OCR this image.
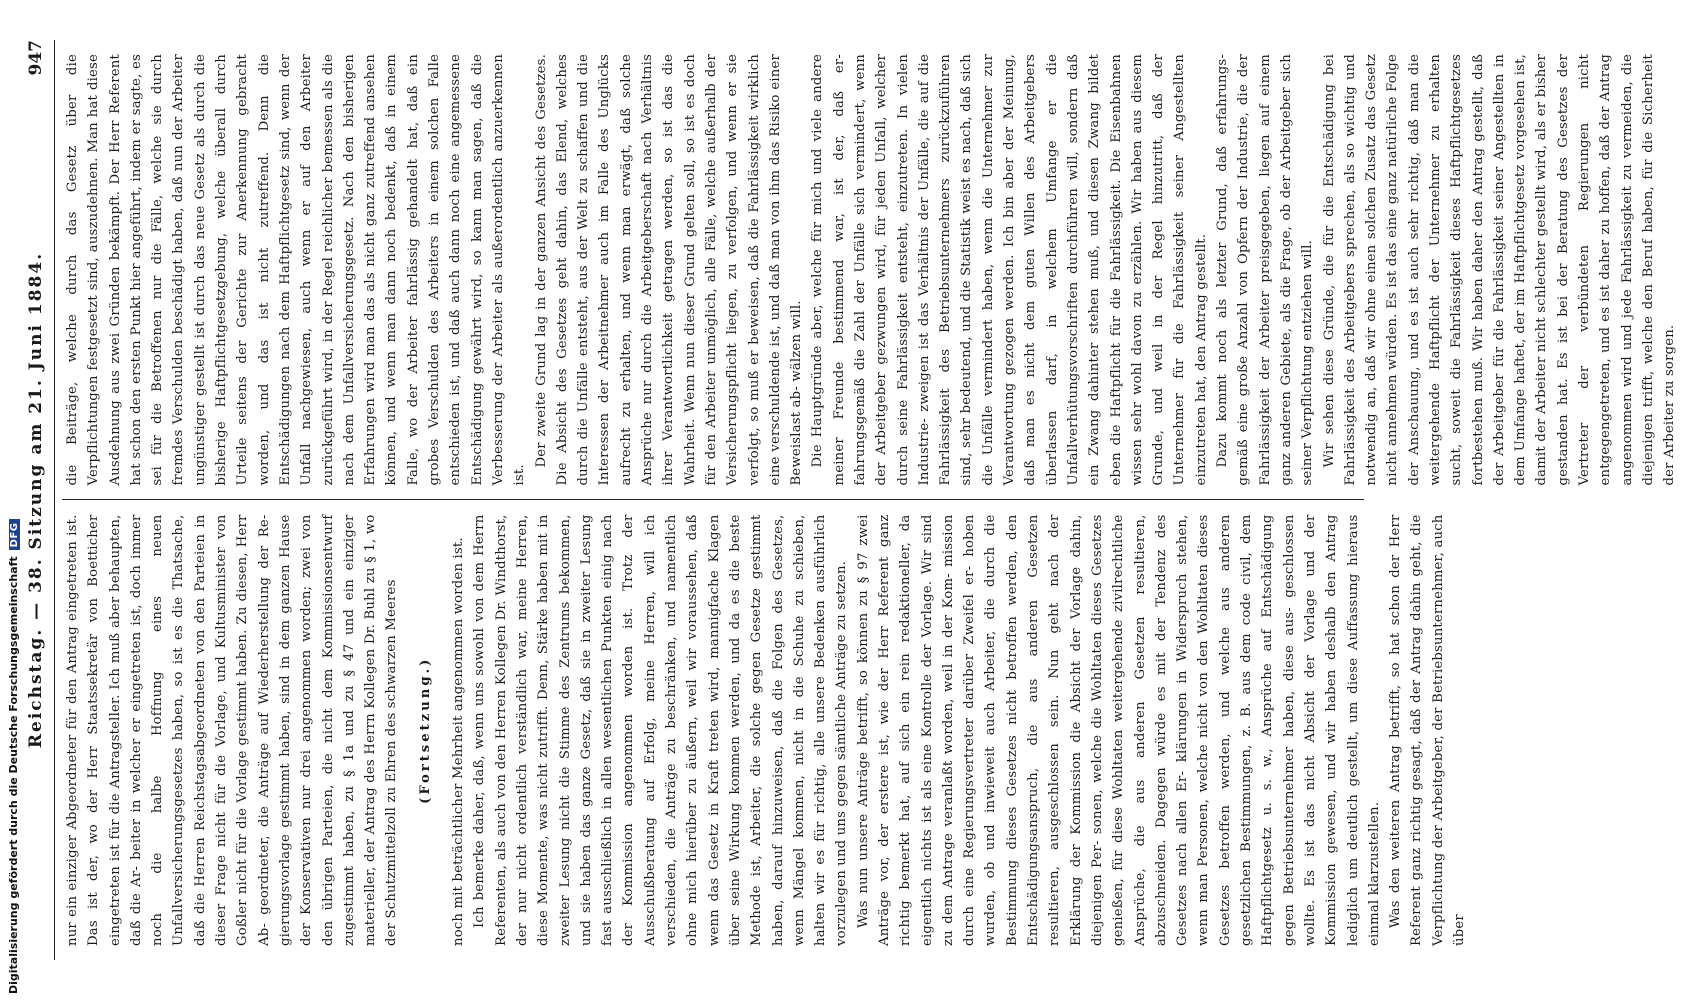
Reichstag. — 38. Sitzung am 21. Juni 1884.
947

nur ein einziger Abgeordneter für den Antrag eingetreten ist. Das ist der, wo der Herr Staatssekretär von Boetticher eingetreten ist für die Antragsteller. Ich muß aber behaupten, daß die Ar- beiter in welcher er eingetreten ist, doch immer noch die halbe Hoffnung eines neuen Unfallversicherungsgesetzes haben, so ist es die Thatsache, daß die Herren Reichstagsabgeordneten von den Parteien in dieser Frage nicht für die Vorlage, und Kultusminister von Goßler nicht für die Vorlage gestimmt haben. Zu diesen, Herr Ab- geordneter, die Anträge auf Wiederherstellung der Re- gierungsvorlage gestimmt haben, sind in dem ganzen Hause der Konservativen nur drei angenommen worden; zwei von den übrigen Parteien, die nicht dem Kommissionsentwurf zugestimmt haben, zu § 1a und zu § 47 und ein einziger materieller, der Antrag des Herrn Kollegen Dr. Buhl zu § 1, wo der Schutzmittelzoll zu Ehren des schwarzen Meeres (Fortsetzung.) noch mit beträchtlicher Mehrheit angenommen worden ist. Ich bemerke daher, daß, wenn uns sowohl von dem Herrn Referenten, als auch von den Herren Kollegen Dr. Windthorst, der nur nicht ordentlich verständlich war, meine Herren, diese Momente, was nicht zutrifft. Denn, Stärke haben mit in zweiter Lesung nicht die Stimme des Zentrums bekommen, und sie haben das ganze Gesetz, daß sie in zweiter Lesung fast ausschließlich in allen wesentlichen Punkten einig nach der Kommission angenommen worden ist. Trotz der Ausschußberatung auf Erfolg, meine Herren, will ich verschieden, die Anträge zu beschränken, und namentlich ohne mich hierüber zu äußern, weil wir voraussehen, daß wenn das Gesetz in Kraft treten wird, mannigfache Klagen über seine Wirkung kommen werden, und da es die beste Methode ist, Arbeiter, die solche gegen Gesetze gestimmt haben, darauf hinzuweisen, daß die Folgen des Gesetzes, wenn Mängel kommen, nicht in die Schuhe zu schieben, halten wir es für richtig, alle unsere Bedenken ausführlich vorzulegen und uns gegen sämtliche Anträge zu setzen. Was nun unsere Anträge betrifft, so können zu § 97 zwei Anträge vor, der erstere ist, wie der Herr Referent ganz richtig bemerkt hat, auf sich ein rein redaktioneller, da eigentlich nichts ist als eine Kontrolle der Vorlage. Wir sind zu dem Antrage veranlaßt worden, weil in der Kom- mission durch eine Regierungsvertreter darüber Zweifel er- hoben wurden, ob und inwieweit auch Arbeiter, die durch die Bestimmung dieses Gesetzes nicht betroffen werden, den Entschädigungsanspruch, die aus anderen Gesetzen resultieren, ausgeschlossen sein. Nun geht nach der Erklärung der Kommission die Absicht der Vorlage dahin, diejenigen Per- sonen, welche die Wohltaten dieses Gesetzes genießen, für diese Wohltaten weitergehende zivilrechtliche Ansprüche, die aus anderen Gesetzen resultieren, abzuschneiden. Dagegen würde es mit der Tendenz des Gesetzes nach allen Er- klärungen in Widerspruch stehen, wenn man Personen, welche nicht von den Wohltaten dieses Gesetzes betroffen werden, und welche aus anderen gesetzlichen Bestimmungen, z. B. aus dem code civil, dem Haftpflichtgesetz u. s. w., Ansprüche auf Entschädigung gegen Betriebsunternehmer haben, diese aus- geschlossen wollte. Es ist das nicht Absicht der Vorlage und der Kommission gewesen, und wir haben deshalb den Antrag lediglich um deutlich gestellt, um diese Auffassung hieraus einmal klarzustellen. Was den weiteren Antrag betrifft, so hat schon der Herr Referent ganz richtig gesagt, daß der Antrag dahin geht, die Verpflichtung der Arbeitgeber, der Betriebsunternehmer, auch über

die Beiträge, welche durch das Gesetz über die Verpflichtungen festgesetzt sind, auszudehnen. Man hat diese Ausdehnung aus zwei Gründen bekämpft. Der Herr Referent hat schon den ersten Punkt hier angeführt, indem er sagte, es sei für die Betroffenen nur die Fälle, welche sie durch fremdes Verschulden beschädigt haben, daß nun der Arbeiter ungünstiger gestellt ist durch das neue Gesetz als durch die bisherige Haftpflichtgesetzgebung, welche überall durch Urteile seitens der Gerichte zur Anerkennung gebracht worden, und das ist nicht zutreffend. Denn die Entschädigungen nach dem Haftpflichtgesetz sind, wenn der Unfall nachgewiesen, auch wenn er auf den Arbeiter zurückgeführt wird, in der Regel reichlicher bemessen als die nach dem Unfallversicherungsgesetz. Nach den bisherigen Erfahrungen wird man das als nicht ganz zutreffend ansehen können, und wenn man dann noch bedenkt, daß in einem Falle, wo der Arbeiter fahrlässig gehandelt hat, daß ein grobes Verschulden des Arbeiters in einem solchen Falle entschieden ist, und daß auch dann noch eine angemessene Entschädigung gewährt wird, so kann man sagen, daß die Verbesserung der Arbeiter als außerordentlich anzuerkennen ist.

Der zweite Grund lag in der ganzen Ansicht des Gesetzes. Die Absicht des Gesetzes geht dahin, das Elend, welches durch die Unfälle entsteht, aus der Welt zu schaffen und die Interessen der Arbeitnehmer auch im Falle des Unglücks aufrecht zu erhalten, und wenn man erwägt, daß solche Ansprüche nur durch die Arbeitgeberschaft nach Verhältnis ihrer Verantwortlichkeit getragen werden, so ist das die Wahrheit. Wenn nun dieser Grund gelten soll, so ist es doch für den Arbeiter unmöglich, alle Fälle, welche außerhalb der Versicherungspflicht liegen, zu verfolgen, und wenn er sie verfolgt, so muß er beweisen, daß die Fahrlässigkeit wirklich eine verschuldende ist, und daß man von ihm das Risiko einer Beweislast ab- wälzen will. Die Hauptgründe aber, welche für mich und viele andere meiner Freunde bestimmend war, ist der, daß er- fahrungsgemäß die Zahl der Unfälle sich vermindert, wenn der Arbeitgeber gezwungen wird, für jeden Unfall, welcher durch seine Fahrlässigkeit entsteht, einzutreten. In vielen Industrie- zweigen ist das Verhältnis der Unfälle, die auf die Fahrlässigkeit des Betriebsunternehmers zurückzuführen sind, sehr bedeutend, und die Statistik weist es nach, daß sich die Unfälle vermindert haben, wenn die Unternehmer zur Verantwortung gezogen werden. Ich bin aber der Meinung, daß man es nicht dem guten Willen des Arbeitgebers überlassen darf, in welchem Umfange er die Unfallverhütungsvorschriften durchführen will, sondern daß ein Zwang dahinter stehen muß, und diesen Zwang bildet eben die Haftpflicht für die Fahrlässigkeit. Die Eisenbahnen wissen sehr wohl davon zu erzählen. Wir haben aus diesem Grunde, und weil in der Regel hinzutritt, daß der Unternehmer für die Fahrlässigkeit seiner Angestellten einzutreten hat, den Antrag gestellt. Dazu kommt noch als letzter Grund, daß erfahrungs- gemäß eine große Anzahl von Opfern der Industrie, die der Fahrlässigkeit der Arbeiter preisgegeben, liegen auf einem ganz anderen Gebiete, als die Frage, ob der Arbeitgeber sich seiner Verpflichtung entziehen will. Wir sehen diese Gründe, die für die Entschädigung bei Fahrlässigkeit des Arbeitgebers sprechen, als so wichtig und notwendig an, daß wir ohne einen solchen Zusatz das Gesetz nicht annehmen würden. Es ist das eine ganz natürliche Folge der Anschauung, und es ist auch sehr richtig, daß man die weitergehende Haftpflicht der Unternehmer zu erhalten sucht, soweit die Fahrlässigkeit dieses Haftpflichtgesetzes fortbestehen muß. Wir haben daher den Antrag gestellt, daß der Arbeitgeber für die Fahrlässigkeit seiner Angestellten in dem Umfange haftet, der im Haftpflichtgesetz vorgesehen ist, damit der Arbeiter nicht schlechter gestellt wird, als er bisher gestanden hat. Es ist bei der Beratung des Gesetzes der Vertreter der verbündeten Regierungen nicht entgegengetreten, und es ist daher zu hoffen, daß der Antrag angenommen wird und jede Fahrlässigkeit zu vermeiden, die diejenigen trifft, welche den Beruf haben, für die Sicherheit der Arbeiter zu sorgen.

Digitalisierung gefördert durch die Deutsche ForschungsgemeinschaftDFG
